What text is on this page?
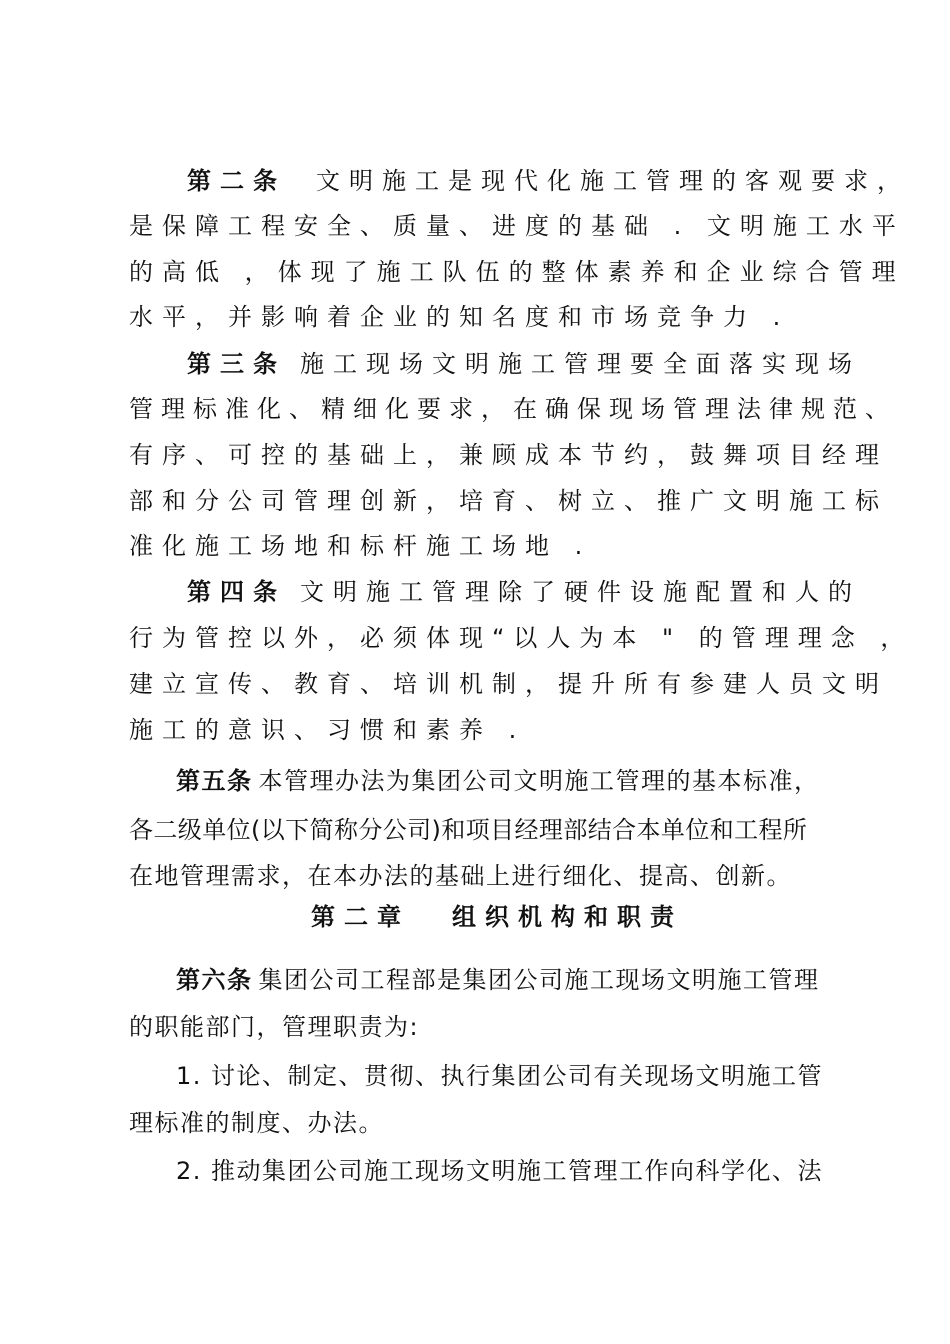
第二条 文明施工是现代化施工管理的客观要求，
是保障工程安全、质量、进度的基础 . 文明施工水平
的高低 ，体现了施工队伍的整体素养和企业综合管理
水平，并影响着企业的知名度和市场竞争力 .
第三条 施工现场文明施工管理要全面落实现场
管理标准化、精细化要求，在确保现场管理法律规范、
有序、可控的基础上，兼顾成本节约，鼓舞项目经理
部和分公司管理创新，培育、树立、推广文明施工标
准化施工场地和标杆施工场地 .
第四条 文明施工管理除了硬件设施配置和人的
行为管控以外，必须体现“以人为本 " 的管理理念 ，
建立宣传、教育、培训机制，提升所有参建人员文明
施工的意识、习惯和素养 .
第五条 本管理办法为集团公司文明施工管理的基本标准，
各二级单位(以下简称分公司)和项目经理部结合本单位和工程所
在地管理需求，在本办法的基础上进行细化、提高、创新。
第二章 组织机构和职责
第六条 集团公司工程部是集团公司施工现场文明施工管理
的职能部门，管理职责为:
1. 讨论、制定、贯彻、执行集团公司有关现场文明施工管
理标准的制度、办法。
2. 推动集团公司施工现场文明施工管理工作向科学化、法
